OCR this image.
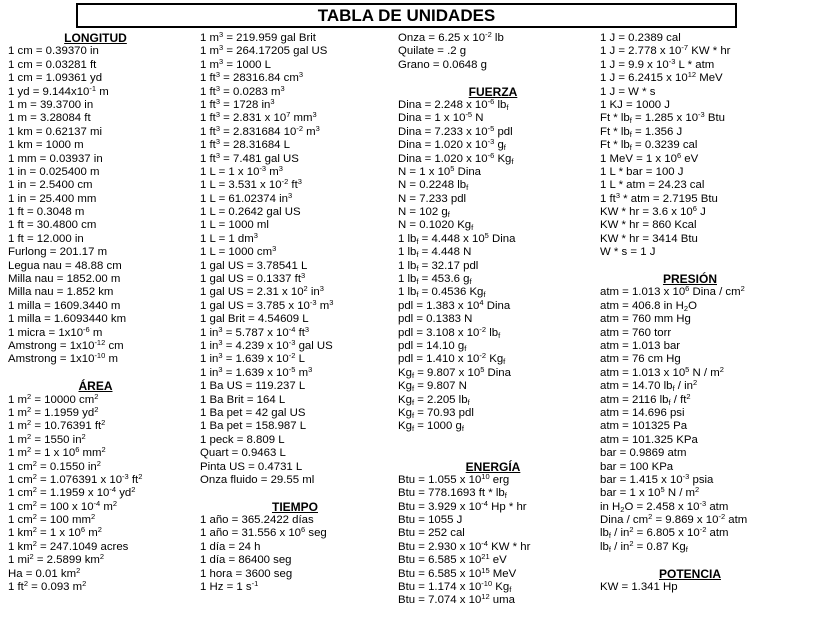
TABLA DE UNIDADES
LONGITUD
1 cm = 0.39370 in
1 cm = 0.03281 ft
1 cm = 1.09361 yd
1 yd = $9.144x10^{-1}$ m
1 m = 39.3700 in
1 m = 3.28084 ft
1 km = 0.62137 mi
1 km = 1000 m
1 mm = 0.03937 in
1 in = 0.025400 m
1 in = 2.5400 cm
1 in = 25.400 mm
1 ft = 0.3048 m
1 ft = 30.4800 cm
1 ft = 12.000 in
Furlong = 201.17 m
Legua nau = 48.88 cm
Milla nau = 1852.00 m
Milla nau = 1.852 km
1 milla = 1609.3440 m
1 milla = 1.6093440 km
1 micra = $1x10^{-6}$ m
Amstrong = $1x10^{-12}$ cm
Amstrong = $1x10^{-10}$ m
ÁREA
1 $m^2 = 10000$ $cm^2$
1 $m^2 = 1.1959$ $yd^2$
1 $m^2 = 10.76391$ $ft^2$
1 $m^2 = 1550$ $in^2$
1 $m^2 = 1$ x $10^6$ $mm^2$
1 $cm^2 = 0.1550$ $in^2$
1 $cm^2 = 1.076391$ x $10^{-3}$ $ft^2$
1 $cm^2 = 1.1959$ x $10^{-4}$ $yd^2$
1 $cm^2 = 100$ x $10^{-4}$ $m^2$
1 $cm^2 = 100$ $mm^2$
1 $km^2 = 1$ x $10^6$ $m^2$
1 $km^2 = 247.1049$ acres
1 $mi^2 = 2.5899$ $km^2$
Ha = 0.01 $km^2$
1 $ft^2 = 0.093$ $m^2$
1 $m^3 = 219.959$ gal Brit
1 $m^3 = 264.17205$ gal US
1 $m^3 = 1000$ L
1 $ft^3 = 28316.84$ $cm^3$
1 $ft^3 = 0.0283$ $m^3$
1 $ft^3 = 1728$ $in^3$
1 $ft^3 = 2.831$ x $10^7$ $mm^3$
1 $ft^3 = 2.831684$ $10^{-2}$ $m^3$
1 $ft^3 = 28.31684$ L
1 $ft^3 = 7.481$ gal US
1 L = 1 x $10^{-3}$ $m^3$
1 L = 3.531 x $10^{-2}$ $ft^3$
1 L = 61.02374 $in^3$
1 L = 0.2642 gal US
1 L = 1000 ml
1 L = 1 $dm^3$
1 L = 1000 $cm^3$
1 gal US = 3.78541 L
1 gal US = 0.1337 $ft^3$
1 gal US = 2.31 x $10^2$ $in^3$
1 gal US = 3.785 x $10^{-3}$ $m^3$
1 gal Brit = 4.54609 L
1 $in^3 = 5.787$ x $10^{-4}$ $ft^3$
1 $in^3 = 4.239$ x $10^{-3}$ gal US
1 $in^3 = 1.639$ x $10^{-2}$ L
1 $in^3 = 1.639$ x $10^{-5}$ $m^3$
1 Ba US = 119.237 L
1 Ba Brit = 164 L
1 Ba pet = 42 gal US
1 Ba pet = 158.987 L
1 peck = 8.809 L
Quart = 0.9463 L
Pinta US = 0.4731 L
Onza fluido = 29.55 ml
TIEMPO
1 año = 365.2422 días
1 año = 31.556 x $10^6$ seg
1 día = 24 h
1 día = 86400 seg
1 hora = 3600 seg
1 Hz = 1 $s^{-1}$
Onza = 6.25 x $10^{-2}$ lb
Quilate = .2 g
Grano = 0.0648 g
FUERZA
Dina = 2.248 x $10^{-6}$ $lb_f$
Dina = 1 x $10^{-5}$ N
Dina = 7.233 x $10^{-5}$ pdl
Dina = 1.020 x $10^{-3}$ $g_f$
Dina = 1.020 x $10^{-6}$ $Kg_f$
N = 1 x $10^5$ Dina
N = 0.2248 $lb_f$
N = 7.233 pdl
N = 102 $g_f$
N = 0.1020 $Kg_f$
1 $lb_f = 4.448$ x $10^5$ Dina
1 $lb_f = 4.448$ N
1 $lb_f = 32.17$ pdl
1 $lb_f = 453.6$ $g_f$
1 $lb_f = 0.4536$ $Kg_f$
pdl = 1.383 x $10^4$ Dina
pdl = 0.1383 N
pdl = 3.108 x $10^{-2}$ $lb_f$
pdl = 14.10 $g_f$
pdl = 1.410 x $10^{-2}$ $Kg_f$
$Kg_f = 9.807$ x $10^5$ Dina
$Kg_f = 9.807$ N
$Kg_f = 2.205$ $lb_f$
$Kg_f = 70.93$ pdl
$Kg_f = 1000$ $g_f$
ENERGÍA
Btu = 1.055 x $10^{10}$ erg
Btu = 778.1693 ft * $lb_f$
Btu = 3.929 x $10^{-4}$ Hp * hr
Btu = 1055 J
Btu = 252 cal
Btu = 2.930 x $10^{-4}$ KW * hr
Btu = 6.585 x $10^{21}$ eV
Btu = 6.585 x $10^{15}$ MeV
Btu = 1.174 x $10^{-10}$ $Kg_f$
Btu = 7.074 x $10^{12}$ uma
1 J = 0.2389 cal
1 J = 2.778 x $10^{-7}$ KW * hr
1 J = 9.9 x $10^{-3}$ L * atm
1 J = 6.2415 x $10^{12}$ MeV
1 J = W * s
1 KJ = 1000 J
$Ft * lb_f = 1.285$ x $10^{-3}$ Btu
$Ft * lb_f = 1.356$ J
$Ft * lb_f = 0.3239$ cal
1 MeV = 1 x $10^6$ eV
1 L * bar = 100 J
1 L * atm = 24.23 cal
1 $ft^3$ * atm = 2.7195 Btu
KW * hr = 3.6 x $10^6$ J
KW * hr = 860 Kcal
KW * hr = 3414 Btu
W * s = 1 J
PRESIÓN
atm = 1.013 x $10^6$ Dina / $cm^2$
atm = 406.8 in $H_2O$
atm = 760 mm Hg
atm = 760 torr
atm = 1.013 bar
atm = 76 cm Hg
atm = 1.013 x $10^5$ N / $m^2$
atm = 14.70 $lb_f / in^2$
atm = 2116 $lb_f / ft^2$
atm = 14.696 psi
atm = 101325 Pa
atm = 101.325 KPa
bar = 0.9869 atm
bar = 100 KPa
bar = 1.415 x $10^{-3}$ psia
bar = 1 x $10^5$ N / $m^2$
in $H_2O = 2.458$ x $10^{-3}$ atm
Dina / $cm^2 = 9.869$ x $10^{-2}$ atm
$lb_f / in^2 = 6.805$ x $10^{-2}$ atm
$lb_f / in^2 = 0.87$ $Kg_f$
POTENCIA
KW = 1.341 Hp
